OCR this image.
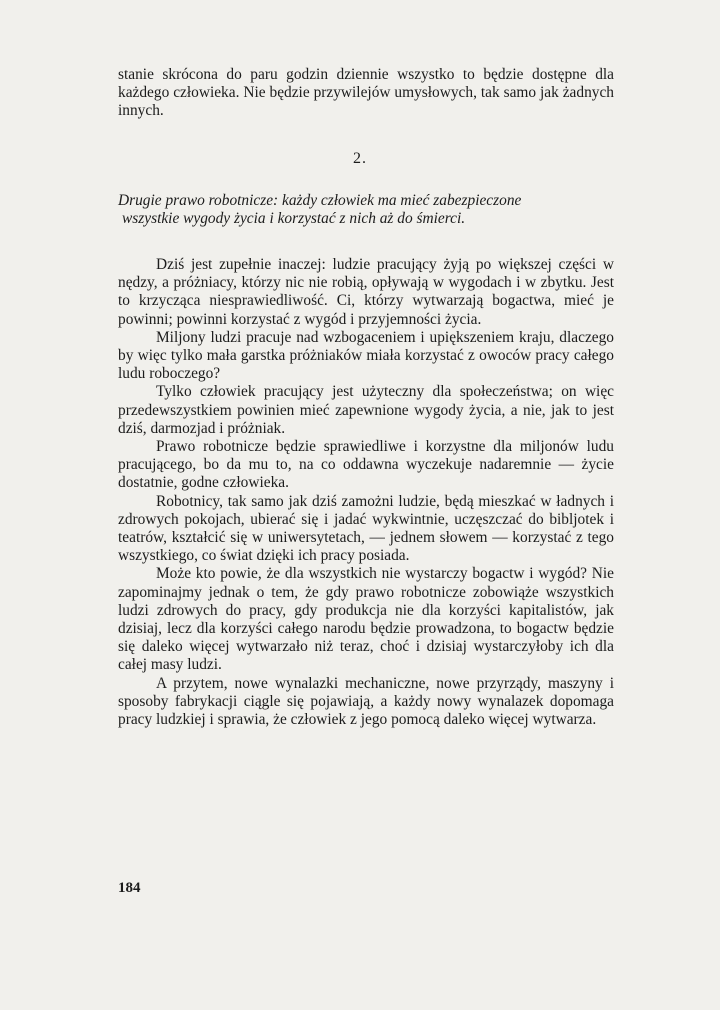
stanie skrócona do paru godzin dziennie wszystko to będzie dostępne dla każdego człowieka. Nie będzie przywilejów umysłowych, tak samo jak żadnych innych.

2.
Drugie prawo robotnicze: każdy człowiek ma mieć zabezpieczone
wszystkie wygody życia i korzystać z nich aż do śmierci.

Dziś jest zupełnie inaczej: ludzie pracujący żyją po większej części w nędzy, a próżniacy, którzy nic nie robią, opływają w wygodach i w zbytku. Jest to krzycząca niesprawiedliwość. Ci, którzy wytwarzają bogactwa, mieć je powinni; powinni korzystać z wygód i przyjemności życia.

Miljony ludzi pracuje nad wzbogaceniem i upiększeniem kraju, dlaczego by więc tylko mała garstka próżniaków miała korzystać z owoców pracy całego ludu roboczego?

Tylko człowiek pracujący jest użyteczny dla społeczeństwa; on więc przedewszystkiem powinien mieć zapewnione wygody życia, a nie, jak to jest dziś, darmozjad i próżniak.

Prawo robotnicze będzie sprawiedliwe i korzystne dla miljonów ludu pracującego, bo da mu to, na co oddawna wyczekuje nadaremnie — życie dostatnie, godne człowieka.

Robotnicy, tak samo jak dziś zamożni ludzie, będą mieszkać w ładnych i zdrowych pokojach, ubierać się i jadać wykwintnie, uczęszczać do bibljotek i teatrów, kształcić się w uniwersytetach, — jednem słowem — korzystać z tego wszystkiego, co świat dzięki ich pracy posiada.

Może kto powie, że dla wszystkich nie wystarczy bogactw i wygód? Nie zapominajmy jednak o tem, że gdy prawo robotnicze zobowiąże wszystkich ludzi zdrowych do pracy, gdy produkcja nie dla korzyści kapitalistów, jak dzisiaj, lecz dla korzyści całego narodu będzie prowadzona, to bogactw będzie się daleko więcej wytwarzało niż teraz, choć i dzisiaj wystarczyłoby ich dla całej masy ludzi.

A przytem, nowe wynalazki mechaniczne, nowe przyrządy, maszyny i sposoby fabrykacji ciągle się pojawiają, a każdy nowy wynalazek dopomaga pracy ludzkiej i sprawia, że człowiek z jego pomocą daleko więcej wytwarza.

184
